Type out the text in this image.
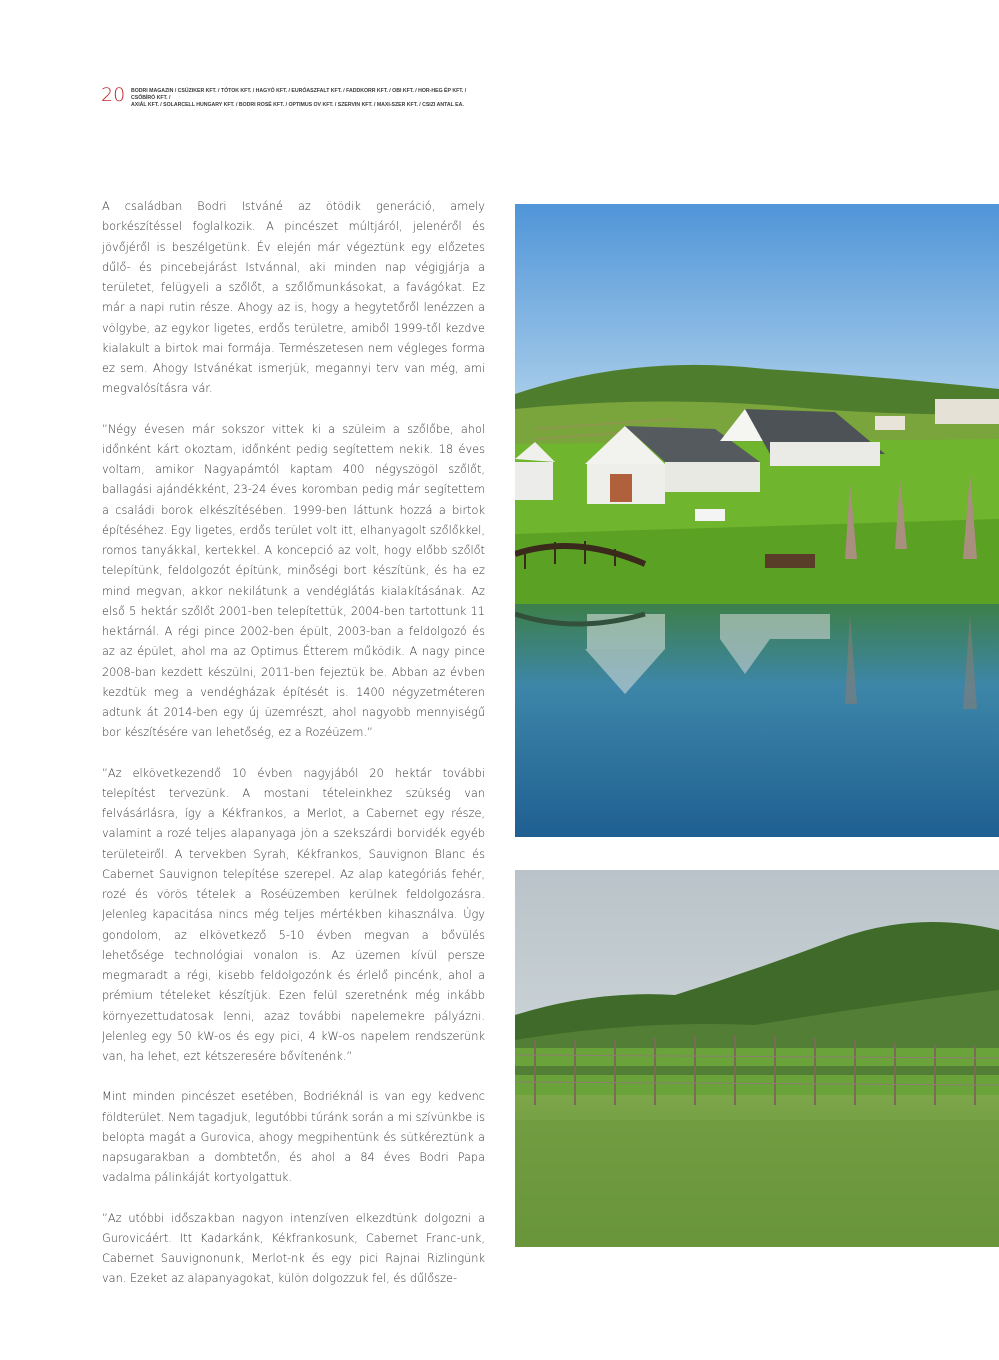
20 BODRI MAGAZIN / CSÚZIKER KFT. / TÓTOK KFT. / HAGYÓ KFT. / EURÓASZFALT KFT. / FADDKORR KFT. / OBI KFT. / HOR-HEG ÉP KFT. / CSŐBÍRÓ KFT. /
AXIÁL KFT. / SOLARCELL HUNGARY KFT. / BODRI ROSÉ KFT. / OPTIMUS OV KFT. / SZERVIN KFT. / MAXI-SZER KFT. / CSIZI ANTAL EA.

A családban Bodri Istváné az ötödik generáció, amely borkészítéssel foglalkozik. A pincészet múltjáról, jelenéről és jövőjéről is beszélgetünk. Év elején már végeztünk egy előzetes dűlő- és pincebejárást Istvánnal, aki minden nap végigjárja a területet, felügyeli a szőlőt, a szőlőmunkásokat, a favágókat. Ez már a napi rutin része. Ahogy az is, hogy a hegytetőről lenézzen a völgybe, az egykor ligetes, erdős területre, amiből 1999-től kezdve kialakult a birtok mai formája. Természetesen nem végleges forma ez sem. Ahogy Istvánékat ismerjük, megannyi terv van még, ami megvalósításra vár.

”Négy évesen már sokszor vittek ki a szüleim a szőlőbe, ahol időnként kárt okoztam, időnként pedig segítettem nekik. 18 éves voltam, amikor Nagyapámtól kaptam 400 négyszögöl szőlőt, ballagási ajándékként, 23-24 éves koromban pedig már segítettem a családi borok elkészítésében. 1999-ben láttunk hozzá a birtok építéséhez. Egy ligetes, erdős terület volt itt, elhanyagolt szőlőkkel, romos tanyákkal, kertekkel. A koncepció az volt, hogy előbb szőlőt telepítünk, feldolgozót építünk, minőségi bort készítünk, és ha ez mind megvan, akkor nekilátunk a vendéglátás kialakításának. Az első 5 hektár szőlőt 2001-ben telepítettük, 2004-ben tartottunk 11 hektárnál. A régi pince 2002-ben épült, 2003-ban a feldolgozó és az az épület, ahol ma az Optimus Étterem működik. A nagy pince 2008-ban kezdett készülni, 2011-ben fejeztük be. Abban az évben kezdtük meg a vendégházak építését is. 1400 négyzetméteren adtunk át 2014-ben egy új üzemrészt, ahol nagyobb mennyiségű bor készítésére van lehetőség, ez a Rozéüzem.”

”Az elkövetkezendő 10 évben nagyjából 20 hektár további telepítést tervezünk. A mostani tételeinkhez szükség van felvásárlásra, így a Kékfrankos, a Merlot, a Cabernet egy része, valamint a rozé teljes alapanyaga jön a szekszárdi borvidék egyéb területeiről. A tervekben Syrah, Kékfrankos, Sauvignon Blanc és Cabernet Sauvignon telepítése szerepel. Az alap kategóriás fehér, rozé és vörös tételek a Roséüzemben kerülnek feldolgozásra. Jelenleg kapacitása nincs még teljes mértékben kihasználva. Úgy gondolom, az elkövetkező 5-10 évben megvan a bővülés lehetősége technológiai vonalon is. Az üzemen kívül persze megmaradt a régi, kisebb feldolgozónk és érlelő pincénk, ahol a prémium tételeket készítjük. Ezen felül szeretnénk még inkább környezettudatosak lenni, azaz további napelemekre pályázni. Jelenleg egy 50 kW-os és egy pici, 4 kW-os napelem rendszerünk van, ha lehet, ezt kétszeresére bővítenénk.”

Mint minden pincészet esetében, Bodriéknál is van egy kedvenc földterület. Nem tagadjuk, legutóbbi túránk során a mi szívünkbe is belopta magát a Gurovica, ahogy megpihentünk és sütkéreztünk a napsugarakban a dombtetőn, és ahol a 84 éves Bodri Papa vadalma pálinkáját kortyolgattuk.

”Az utóbbi időszakban nagyon intenzíven elkezdtünk dolgozni a Gurovicáért. Itt Kadarkánk, Kékfrankosunk, Cabernet Franc-unk, Cabernet Sauvignonunk, Merlot-nk és egy pici Rajnai Rizlingünk van. Ezeket az alapanyagokat, külön dolgozzuk fel, és dűlősze-
